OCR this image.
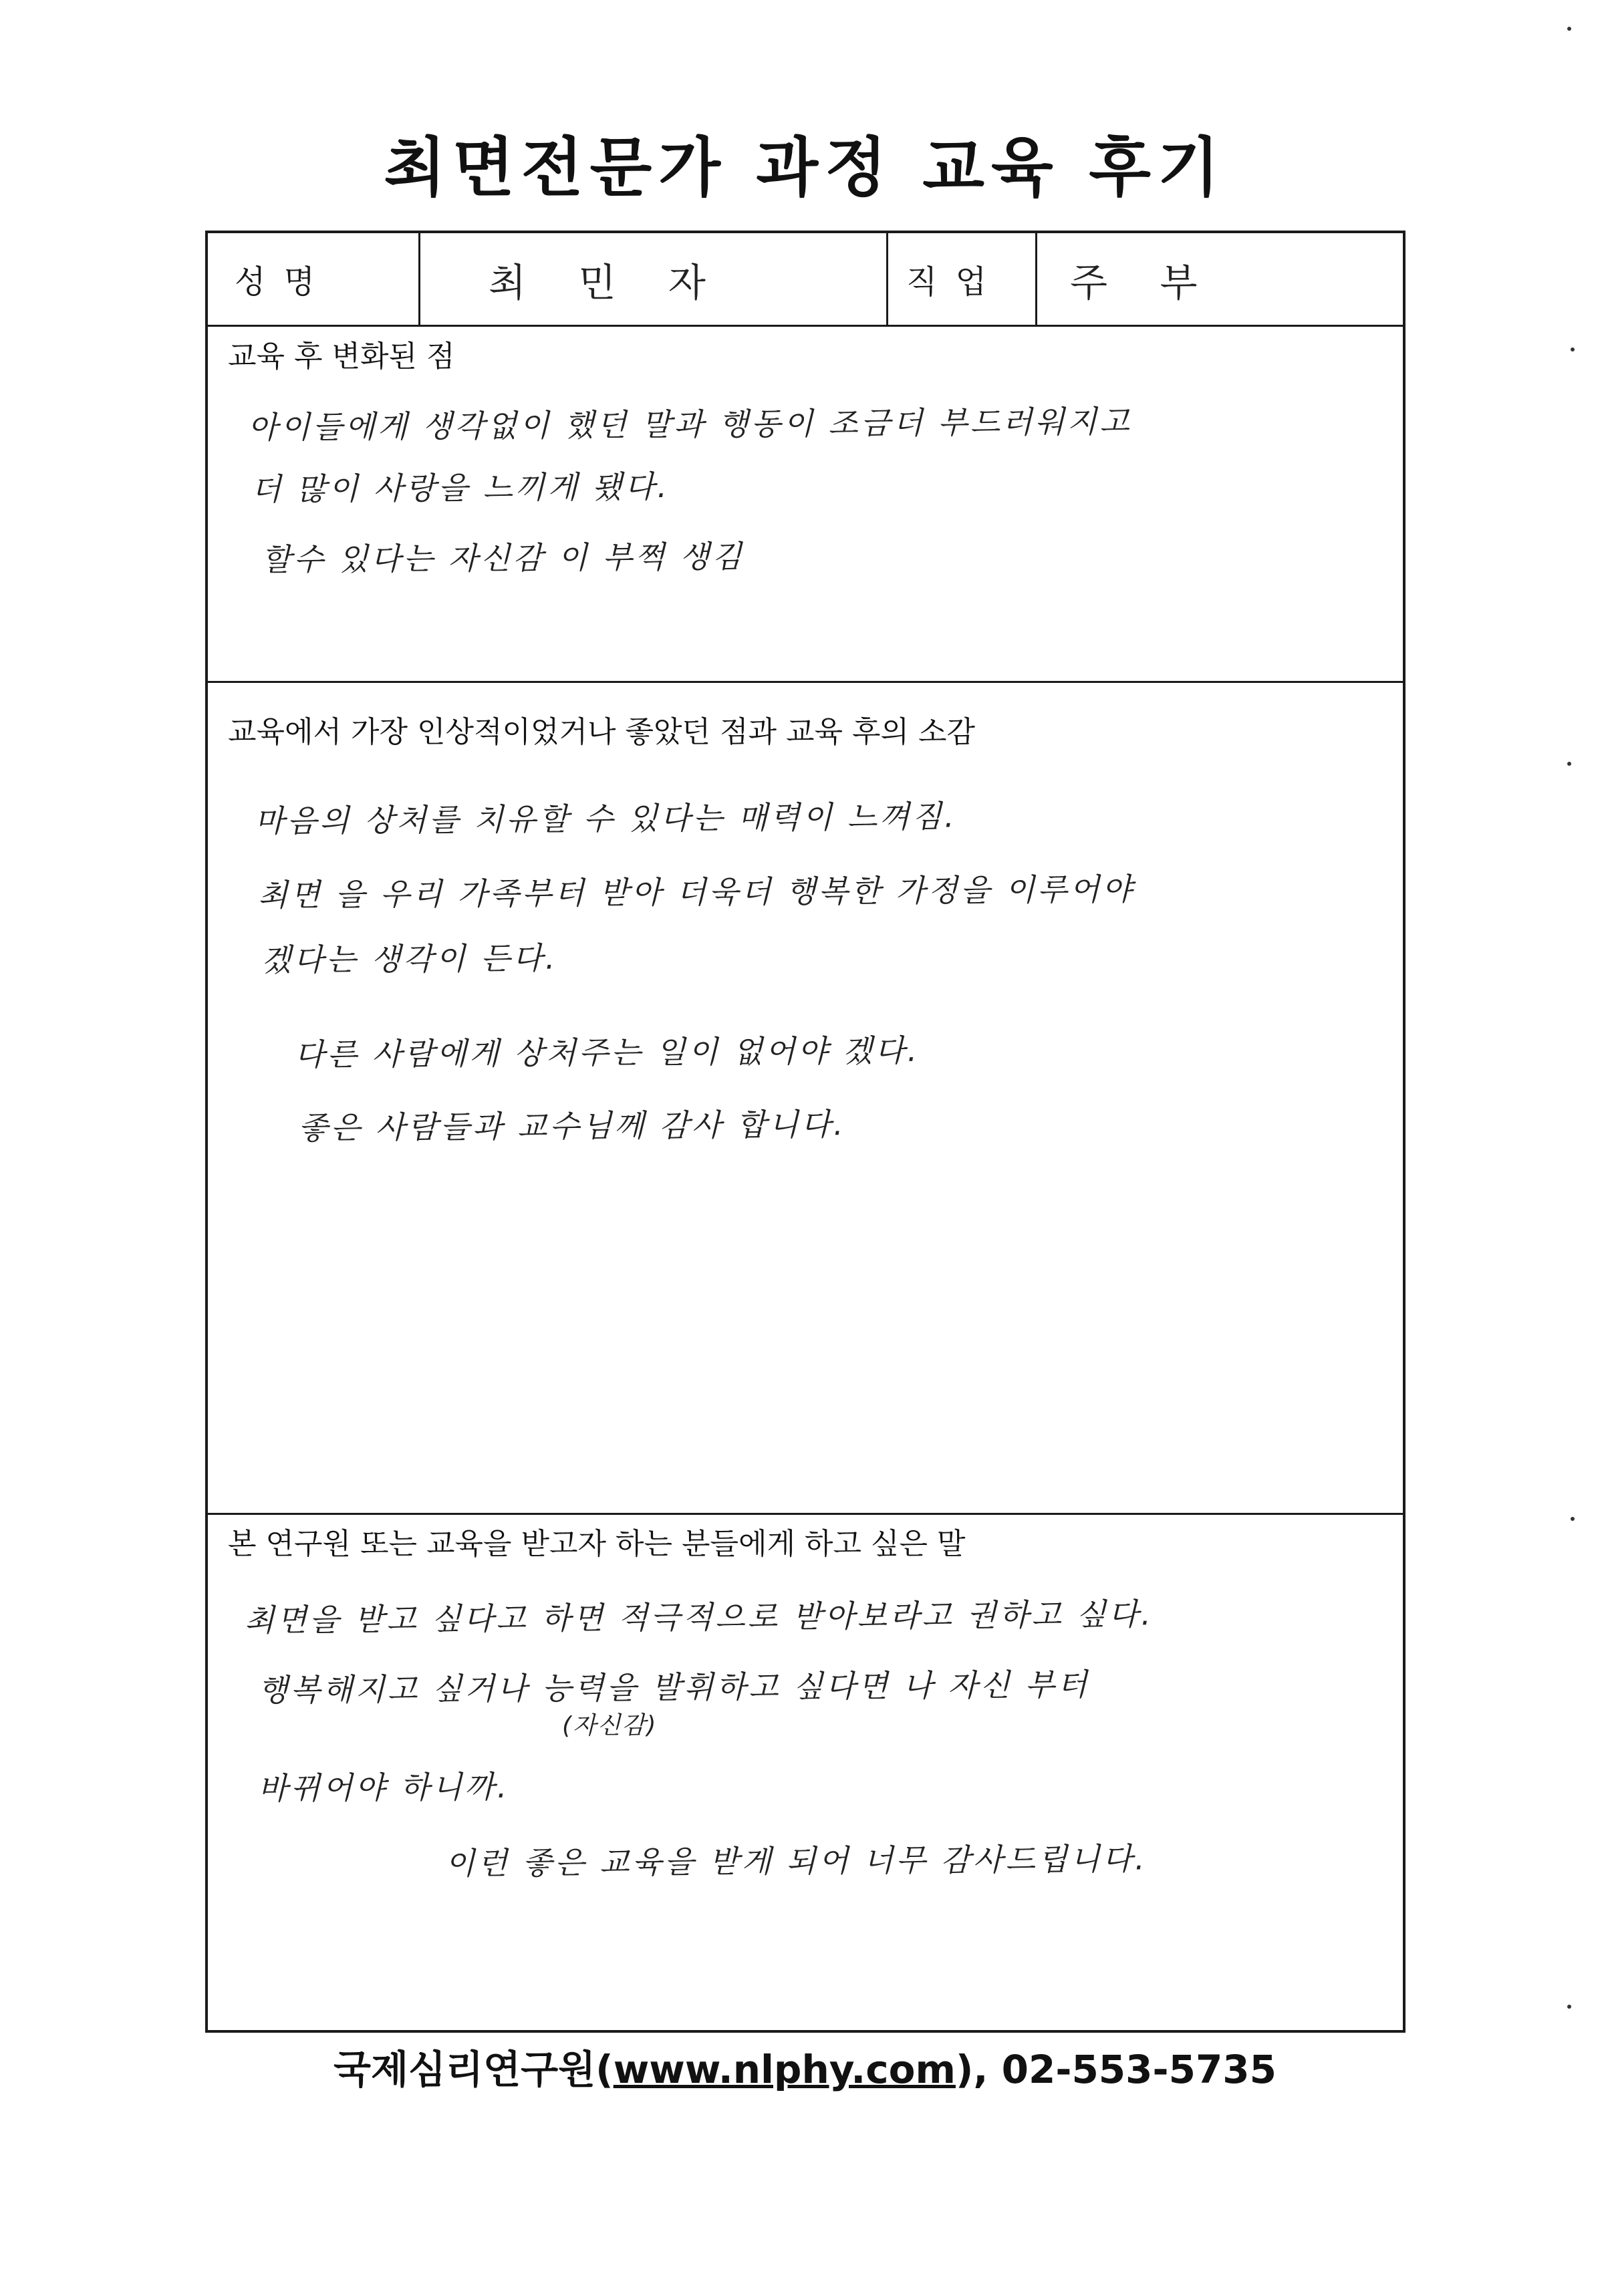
최면전문가 과정 교육 후기
성 명	최 민 자	직 업	주 부
교육 후 변화된 점
아이들에게 생각없이 했던 말과 행동이 조금더 부드러워지고
더 많이 사랑을 느끼게 됐다.
할수 있다는 자신감 이 부쩍 생김
교육에서 가장 인상적이었거나 좋았던 점과 교육 후의 소감
마음의 상처를 치유할 수 있다는 매력이 느껴짐.
최면 을 우리 가족부터 받아 더욱더 행복한 가정을 이루어야
겠다는 생각이 든다.
다른 사람에게 상처주는 일이 없어야 겠다.
좋은 사람들과 교수님께 감사 합니다.
본 연구원 또는 교육을 받고자 하는 분들에게 하고 싶은 말
최면을 받고 싶다고 하면 적극적으로 받아보라고 권하고 싶다.
행복해지고 싶거나 능력을 발휘하고 싶다면 나 자신 부터
(자신감)
바뀌어야 하니까.
이런 좋은 교육을 받게 되어 너무 감사드립니다.
국제심리연구원(www.nlphy.com), 02-553-5735
